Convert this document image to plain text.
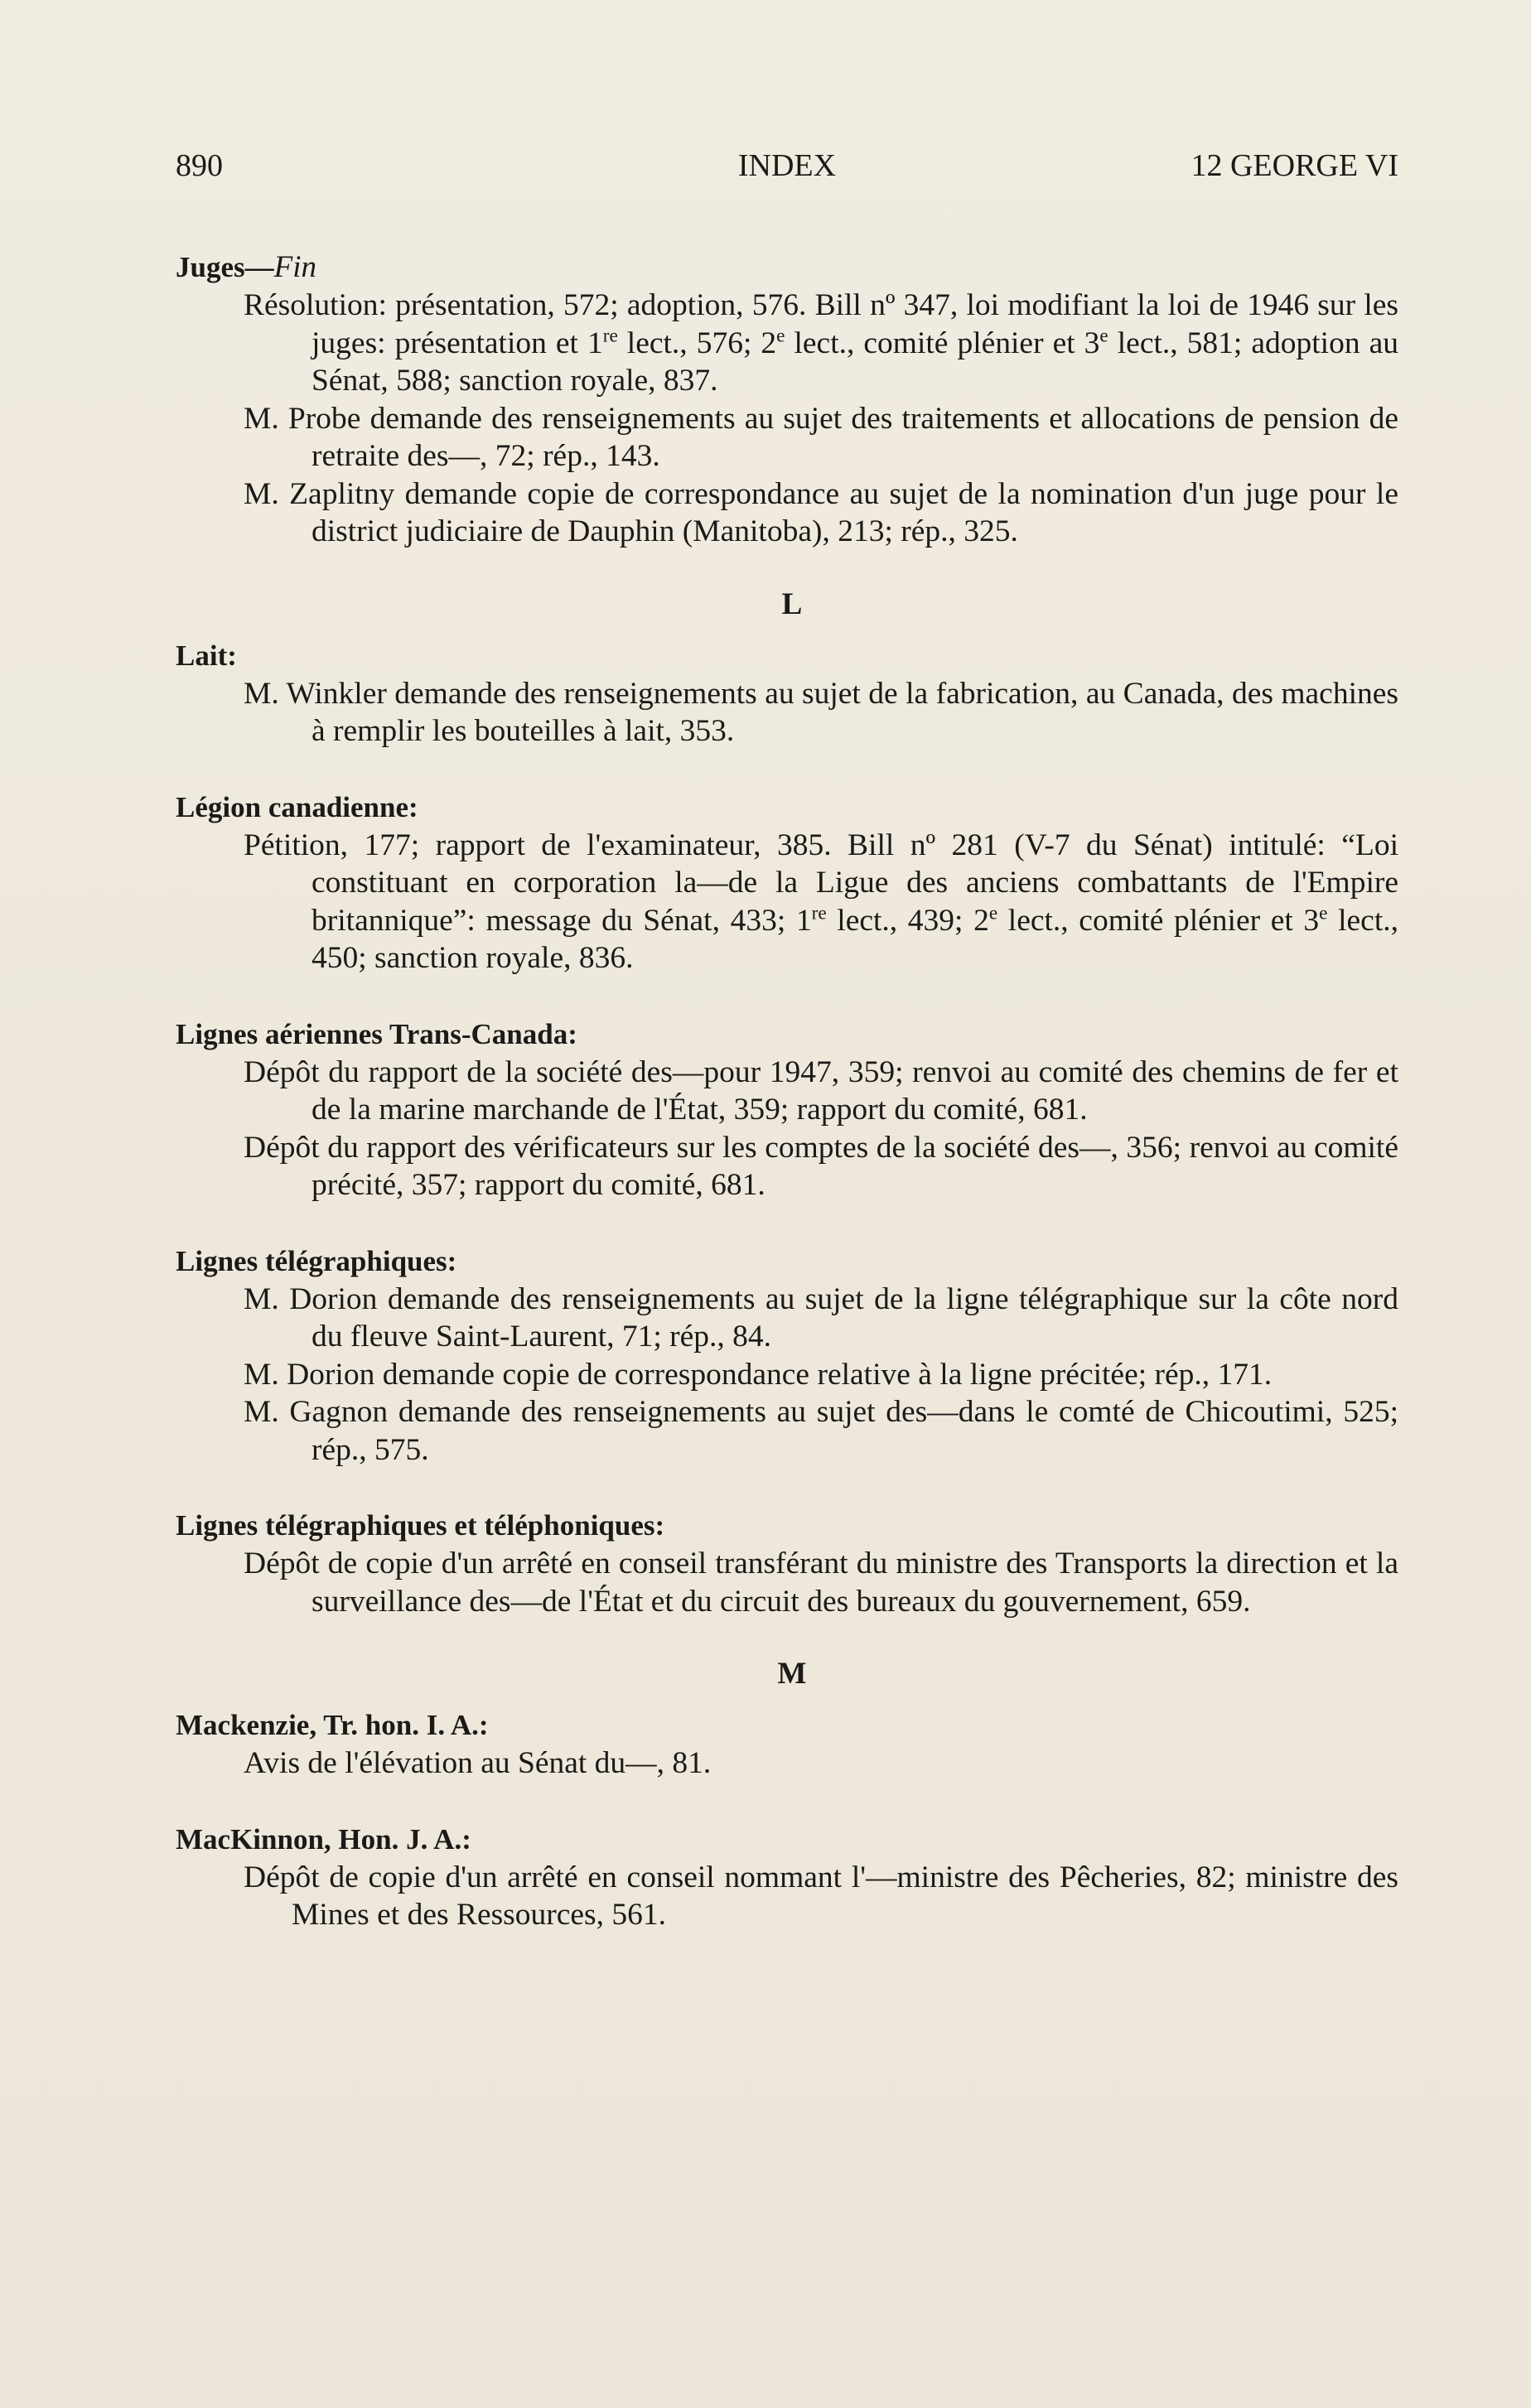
890	INDEX	12 GEORGE VI

Juges—Fin

Résolution: présentation, 572; adoption, 576. Bill nº 347, loi modifiant la loi de 1946 sur les juges: présentation et 1re lect., 576; 2e lect., comité plénier et 3e lect., 581; adoption au Sénat, 588; sanction royale, 837.

M. Probe demande des renseignements au sujet des traitements et allocations de pension de retraite des—, 72; rép., 143.

M. Zaplitny demande copie de correspondance au sujet de la nomination d'un juge pour le district judiciaire de Dauphin (Manitoba), 213; rép., 325.

L

Lait:

M. Winkler demande des renseignements au sujet de la fabrication, au Canada, des machines à remplir les bouteilles à lait, 353.

Légion canadienne:

Pétition, 177; rapport de l'examinateur, 385. Bill nº 281 (V-7 du Sénat) intitulé: “Loi constituant en corporation la—de la Ligue des anciens combattants de l'Empire britannique”: message du Sénat, 433; 1re lect., 439; 2e lect., comité plénier et 3e lect., 450; sanction royale, 836.

Lignes aériennes Trans-Canada:

Dépôt du rapport de la société des—pour 1947, 359; renvoi au comité des chemins de fer et de la marine marchande de l'État, 359; rapport du comité, 681.

Dépôt du rapport des vérificateurs sur les comptes de la société des—, 356; renvoi au comité précité, 357; rapport du comité, 681.

Lignes télégraphiques:

M. Dorion demande des renseignements au sujet de la ligne télégraphique sur la côte nord du fleuve Saint-Laurent, 71; rép., 84.

M. Dorion demande copie de correspondance relative à la ligne précitée; rép., 171.

M. Gagnon demande des renseignements au sujet des—dans le comté de Chicoutimi, 525; rép., 575.

Lignes télégraphiques et téléphoniques:

Dépôt de copie d'un arrêté en conseil transférant du ministre des Transports la direction et la surveillance des—de l'État et du circuit des bureaux du gouvernement, 659.

M

Mackenzie, Tr. hon. I. A.:

Avis de l'élévation au Sénat du—, 81.

MacKinnon, Hon. J. A.:

Dépôt de copie d'un arrêté en conseil nommant l'—ministre des Pêcheries, 82; ministre des Mines et des Ressources, 561.
